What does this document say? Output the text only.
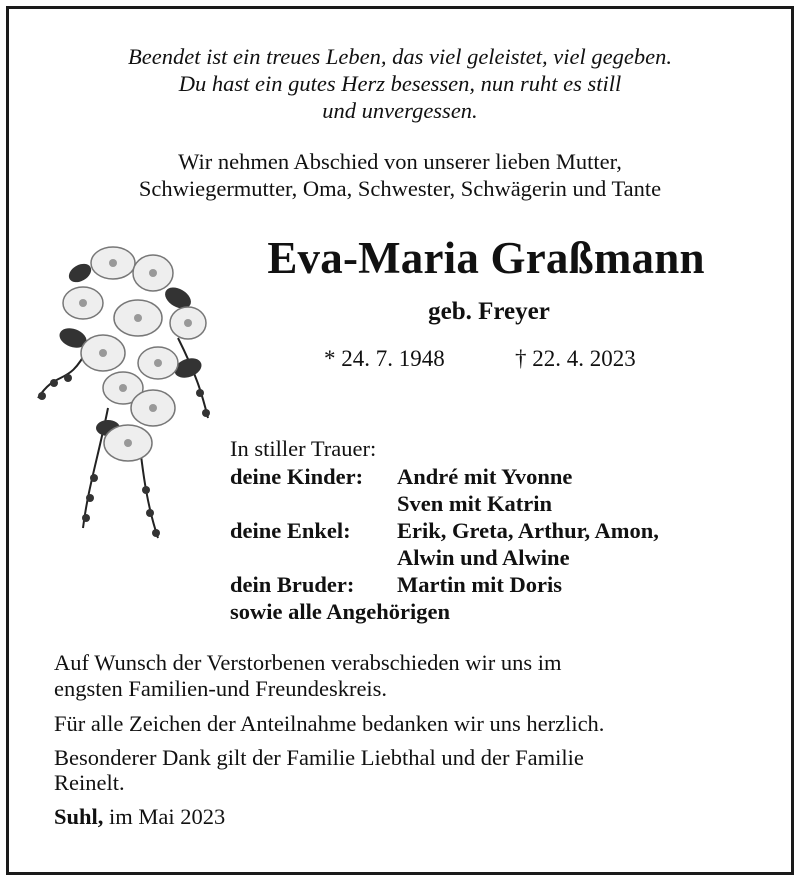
Beendet ist ein treues Leben, das viel geleistet, viel gegeben.
Du hast ein gutes Herz besessen, nun ruht es still
und unvergessen.
Wir nehmen Abschied von unserer lieben Mutter,
Schwiegermutter, Oma, Schwester, Schwägerin und Tante
Eva-Maria Graßmann
geb. Freyer
* 24. 7. 1948	† 22. 4. 2023
In stiller Trauer:
deine Kinder: André mit Yvonne
Sven mit Katrin
deine Enkel: Erik, Greta, Arthur, Amon,
Alwin und Alwine
dein Bruder: Martin mit Doris
sowie alle Angehörigen
Auf Wunsch der Verstorbenen verabschieden wir uns im
engsten Familien-und Freundeskreis.
Für alle Zeichen der Anteilnahme bedanken wir uns herzlich.
Besonderer Dank gilt der Familie Liebthal und der Familie
Reinelt.
Suhl, im Mai 2023
